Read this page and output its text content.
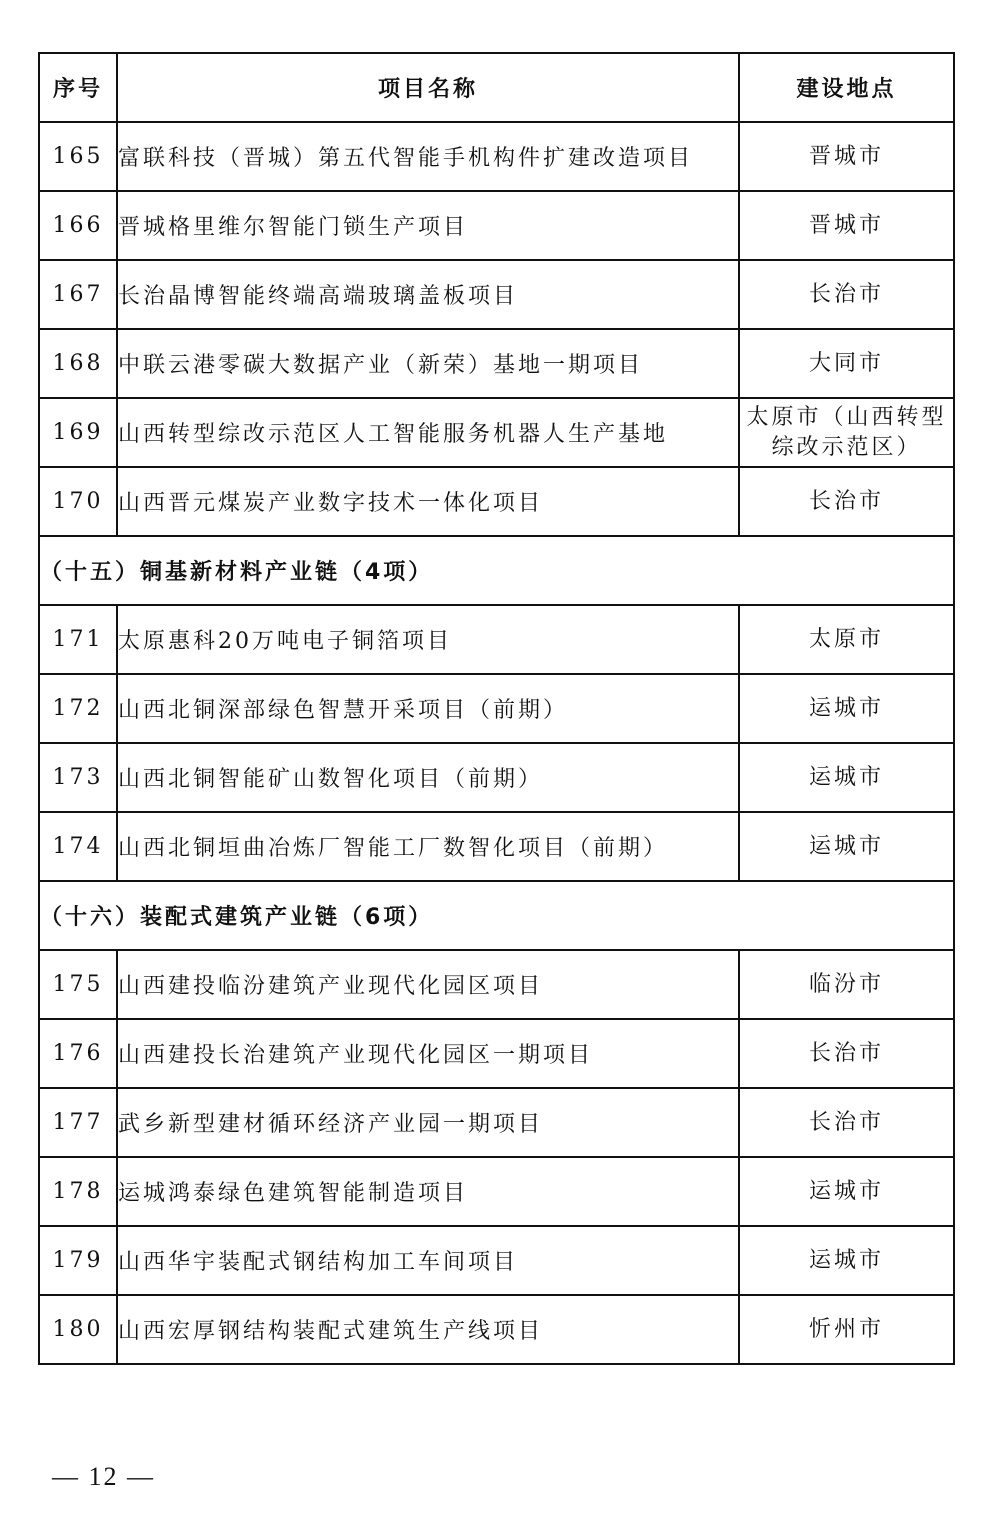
序号	项目名称	建设地点
165	富联科技（晋城）第五代智能手机构件扩建改造项目	晋城市
166	晋城格里维尔智能门锁生产项目	晋城市
167	长治晶博智能终端高端玻璃盖板项目	长治市
168	中联云港零碳大数据产业（新荣）基地一期项目	大同市
169	山西转型综改示范区人工智能服务机器人生产基地	太原市（山西转型综改示范区）
170	山西晋元煤炭产业数字技术一体化项目	长治市
（十五）铜基新材料产业链（4项）		
171	太原惠科20万吨电子铜箔项目	太原市
172	山西北铜深部绿色智慧开采项目（前期）	运城市
173	山西北铜智能矿山数智化项目（前期）	运城市
174	山西北铜垣曲冶炼厂智能工厂数智化项目（前期）	运城市
（十六）装配式建筑产业链（6项）		
175	山西建投临汾建筑产业现代化园区项目	临汾市
176	山西建投长治建筑产业现代化园区一期项目	长治市
177	武乡新型建材循环经济产业园一期项目	长治市
178	运城鸿泰绿色建筑智能制造项目	运城市
179	山西华宇装配式钢结构加工车间项目	运城市
180	山西宏厚钢结构装配式建筑生产线项目	忻州市
— 12 —
